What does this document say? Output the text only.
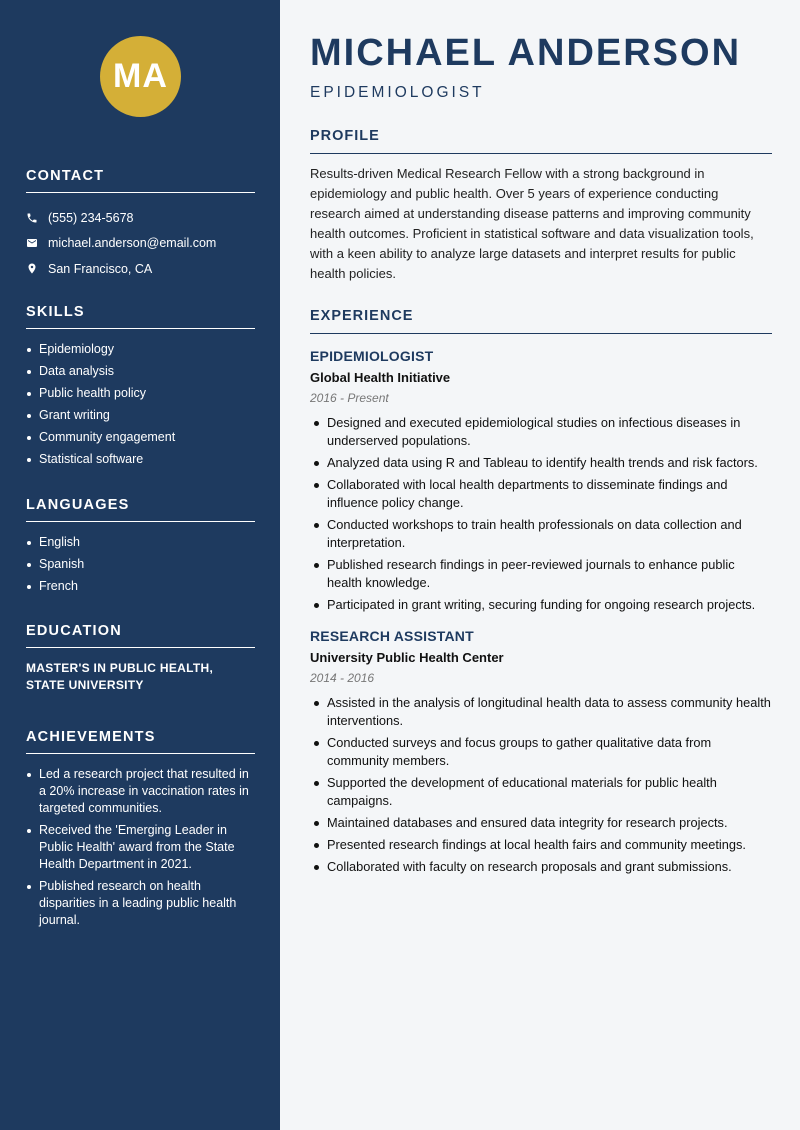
MA
CONTACT
(555) 234-5678
michael.anderson@email.com
San Francisco, CA
SKILLS
Epidemiology
Data analysis
Public health policy
Grant writing
Community engagement
Statistical software
LANGUAGES
English
Spanish
French
EDUCATION
MASTER'S IN PUBLIC HEALTH, STATE UNIVERSITY
ACHIEVEMENTS
Led a research project that resulted in a 20% increase in vaccination rates in targeted communities.
Received the 'Emerging Leader in Public Health' award from the State Health Department in 2021.
Published research on health disparities in a leading public health journal.
MICHAEL ANDERSON
EPIDEMIOLOGIST
PROFILE

Results-driven Medical Research Fellow with a strong background in epidemiology and public health. Over 5 years of experience conducting research aimed at understanding disease patterns and improving community health outcomes. Proficient in statistical software and data visualization tools, with a keen ability to analyze large datasets and interpret results for public health policies.

EXPERIENCE
EPIDEMIOLOGIST
Global Health Initiative
2016 - Present
Designed and executed epidemiological studies on infectious diseases in underserved populations.
Analyzed data using R and Tableau to identify health trends and risk factors.
Collaborated with local health departments to disseminate findings and influence policy change.
Conducted workshops to train health professionals on data collection and interpretation.
Published research findings in peer-reviewed journals to enhance public health knowledge.
Participated in grant writing, securing funding for ongoing research projects.
RESEARCH ASSISTANT
University Public Health Center
2014 - 2016
Assisted in the analysis of longitudinal health data to assess community health interventions.
Conducted surveys and focus groups to gather qualitative data from community members.
Supported the development of educational materials for public health campaigns.
Maintained databases and ensured data integrity for research projects.
Presented research findings at local health fairs and community meetings.
Collaborated with faculty on research proposals and grant submissions.
